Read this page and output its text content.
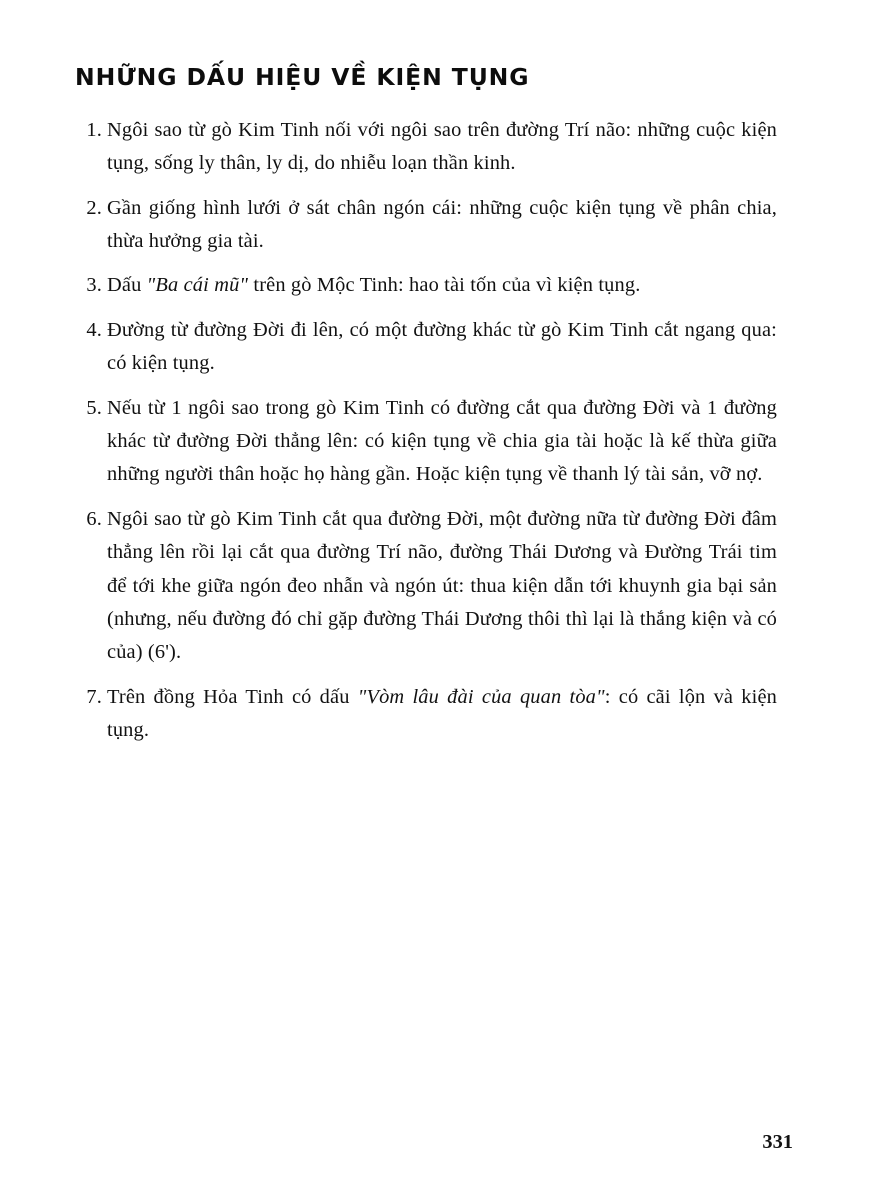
NHỮNG DẤU HIỆU VỀ KIỆN TỤNG
1. Ngôi sao từ gò Kim Tinh nối với ngôi sao trên đường Trí não: những cuộc kiện tụng, sống ly thân, ly dị, do nhiễu loạn thần kinh.
2. Gần giống hình lưới ở sát chân ngón cái: những cuộc kiện tụng về phân chia, thừa hưởng gia tài.
3. Dấu "Ba cái mũ" trên gò Mộc Tinh: hao tài tốn của vì kiện tụng.
4. Đường từ đường Đời đi lên, có một đường khác từ gò Kim Tinh cắt ngang qua: có kiện tụng.
5. Nếu từ 1 ngôi sao trong gò Kim Tinh có đường cắt qua đường Đời và 1 đường khác từ đường Đời thẳng lên: có kiện tụng về chia gia tài hoặc là kế thừa giữa những người thân hoặc họ hàng gần. Hoặc kiện tụng về thanh lý tài sản, vỡ nợ.
6. Ngôi sao từ gò Kim Tinh cắt qua đường Đời, một đường nữa từ đường Đời đâm thẳng lên rồi lại cắt qua đường Trí não, đường Thái Dương và Đường Trái tim để tới khe giữa ngón đeo nhẫn và ngón út: thua kiện dẫn tới khuynh gia bại sản (nhưng, nếu đường đó chỉ gặp đường Thái Dương thôi thì lại là thắng kiện và có của) (6').
7. Trên đồng Hỏa Tinh có dấu "Vòm lâu đài của quan tòa": có cãi lộn và kiện tụng.
331
